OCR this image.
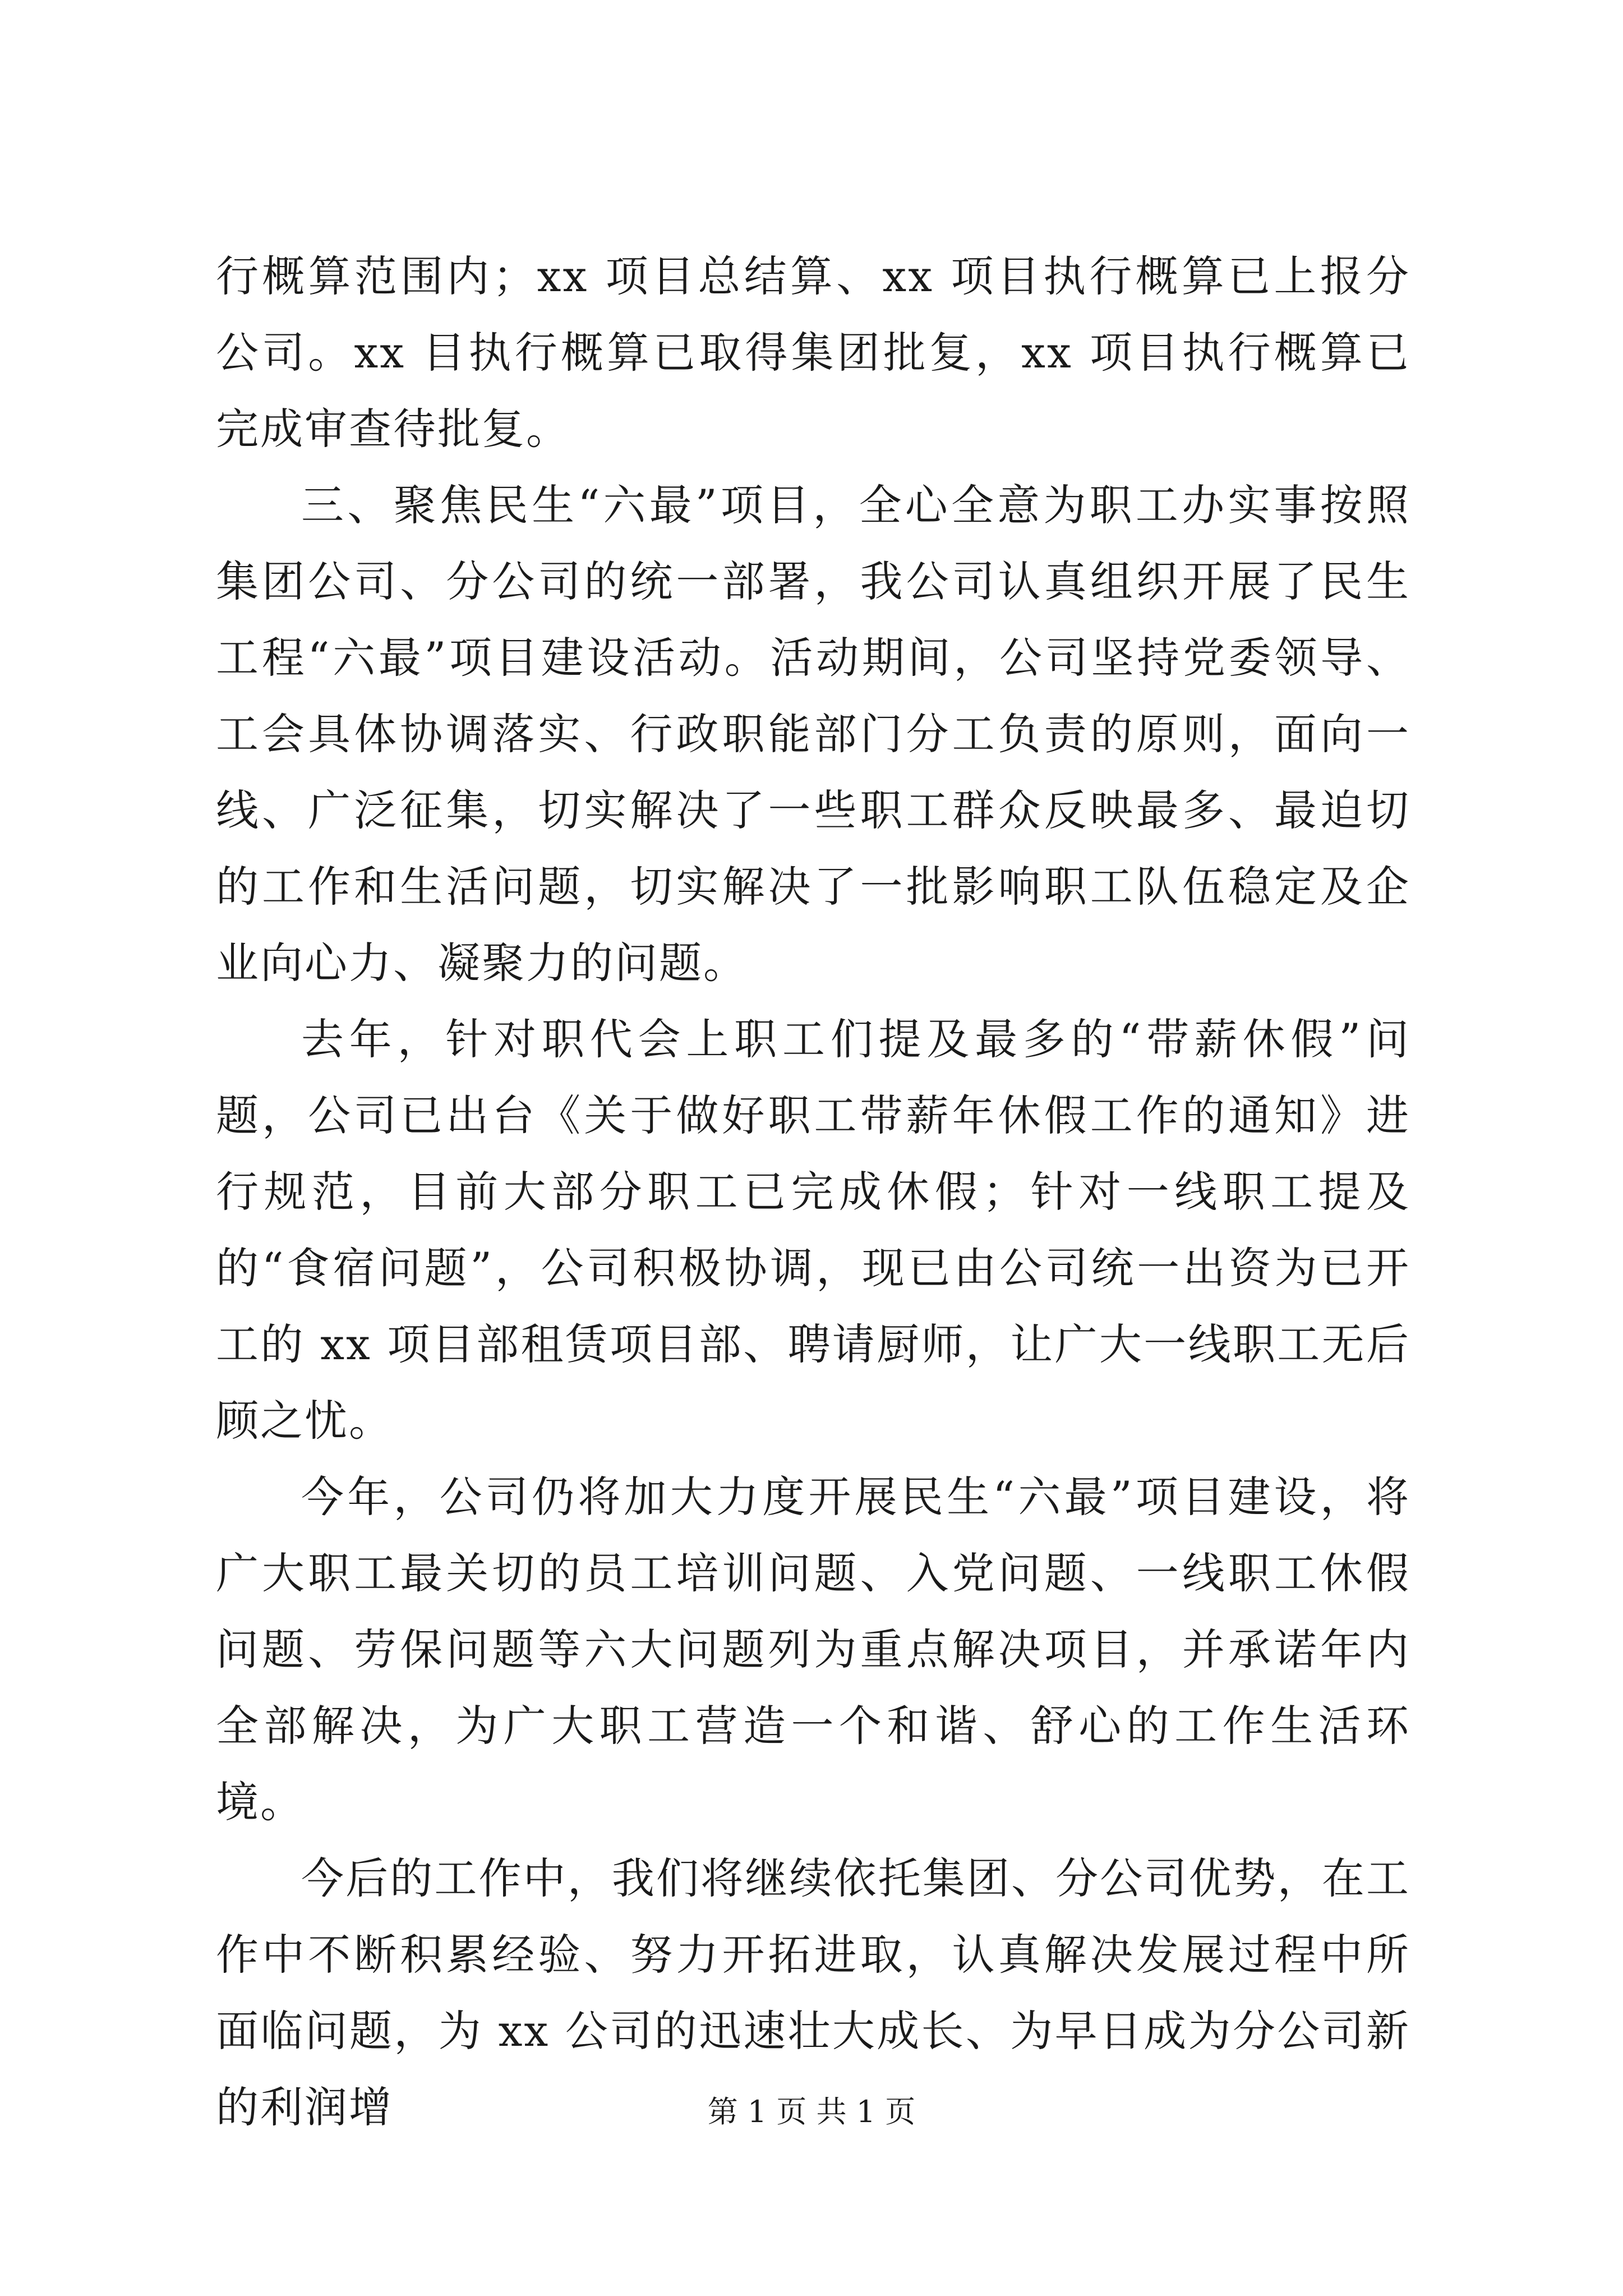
行概算范围内；xx 项目总结算、xx 项目执行概算已上报分公司。xx 目执行概算已取得集团批复，xx 项目执行概算已完成审查待批复。

三、聚焦民生“六最”项目，全心全意为职工办实事按照集团公司、分公司的统一部署，我公司认真组织开展了民生工程“六最”项目建设活动。活动期间，公司坚持党委领导、工会具体协调落实、行政职能部门分工负责的原则，面向一线、广泛征集，切实解决了一些职工群众反映最多、最迫切的工作和生活问题，切实解决了一批影响职工队伍稳定及企业向心力、凝聚力的问题。

去年，针对职代会上职工们提及最多的“带薪休假”问题，公司已出台《关于做好职工带薪年休假工作的通知》进行规范，目前大部分职工已完成休假；针对一线职工提及的“食宿问题”，公司积极协调，现已由公司统一出资为已开工的 xx 项目部租赁项目部、聘请厨师，让广大一线职工无后顾之忧。

今年，公司仍将加大力度开展民生“六最”项目建设，将广大职工最关切的员工培训问题、入党问题、一线职工休假问题、劳保问题等六大问题列为重点解决项目，并承诺年内全部解决，为广大职工营造一个和谐、舒心的工作生活环境。

今后的工作中，我们将继续依托集团、分公司优势，在工作中不断积累经验、努力开拓进取，认真解决发展过程中所面临问题，为 xx 公司的迅速壮大成长、为早日成为分公司新的利润增	第 1 页 共 1 页
